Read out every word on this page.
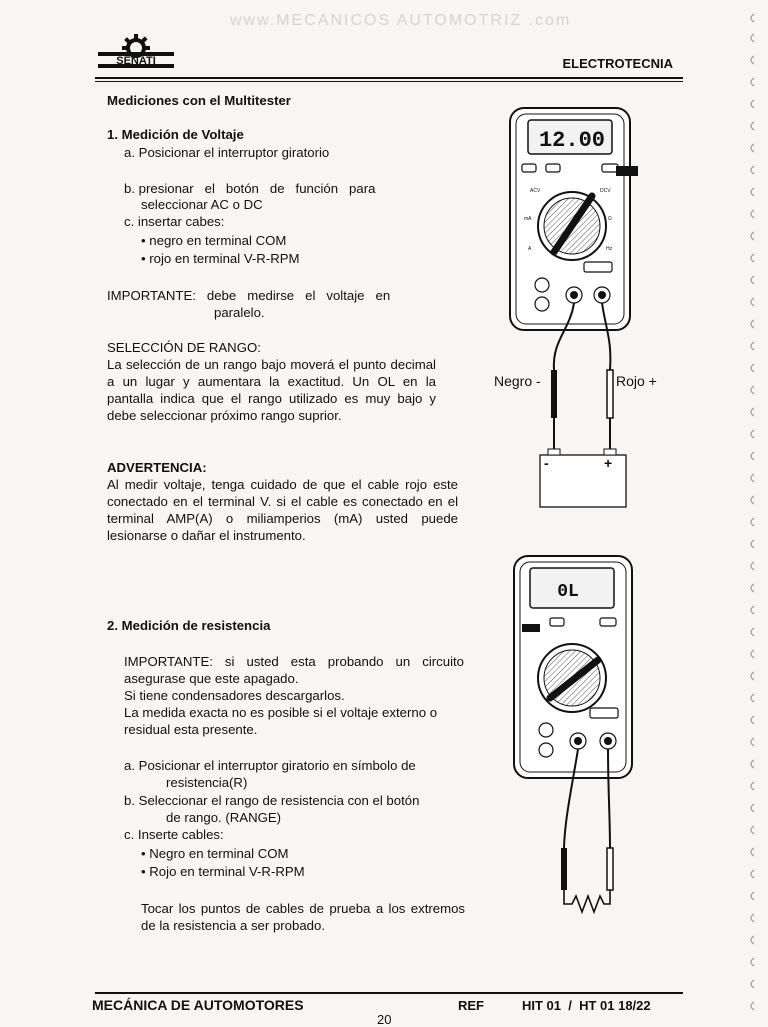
www.MECANICOS AUTOMOTRIZ .com
SENATI	ELECTROTECNIA
Mediciones con el Multitester
1. Medición de Voltaje
a. Posicionar el interruptor giratorio
b. presionar   el   botón   de   función   para
seleccionar AC o DC
c. insertar cabes:
• negro en terminal COM
• rojo en terminal V-R-RPM
IMPORTANTE:   debe   medirse   el   voltaje   en
paralelo.
SELECCIÓN DE RANGO:
La selección de un rango bajo moverá el punto decimal a un lugar y aumentara la exactitud. Un OL en la pantalla indica que el rango utilizado es muy bajo y debe seleccionar próximo rango suprior.
ADVERTENCIA:
Al medir voltaje, tenga cuidado de que el cable rojo este conectado en el terminal V. si el cable es conectado en el terminal AMP(A) o miliamperios (mA) usted puede lesionarse o dañar el instrumento.
12.00
ACV	DCV
mA	Ω
A	Hz
-	+
Negro -	Rojo +
2. Medición de resistencia
IMPORTANTE: si usted esta probando un circuito asegurase que este apagado.
Si tiene condensadores descargarlos.
La medida exacta no es posible si el voltaje externo o residual esta presente.
a. Posicionar el interruptor giratorio en símbolo de
resistencia(R)
b. Seleccionar el rango de resistencia con el botón
de rango. (RANGE)
c. Inserte cables:
• Negro en terminal COM
• Rojo en terminal V-R-RPM
Tocar los puntos de cables de prueba a los extremos de la resistencia a ser probado.
0L
MECÁNICA DE AUTOMOTORES	REF	HIT 01  /  HT 01 18/22
20
